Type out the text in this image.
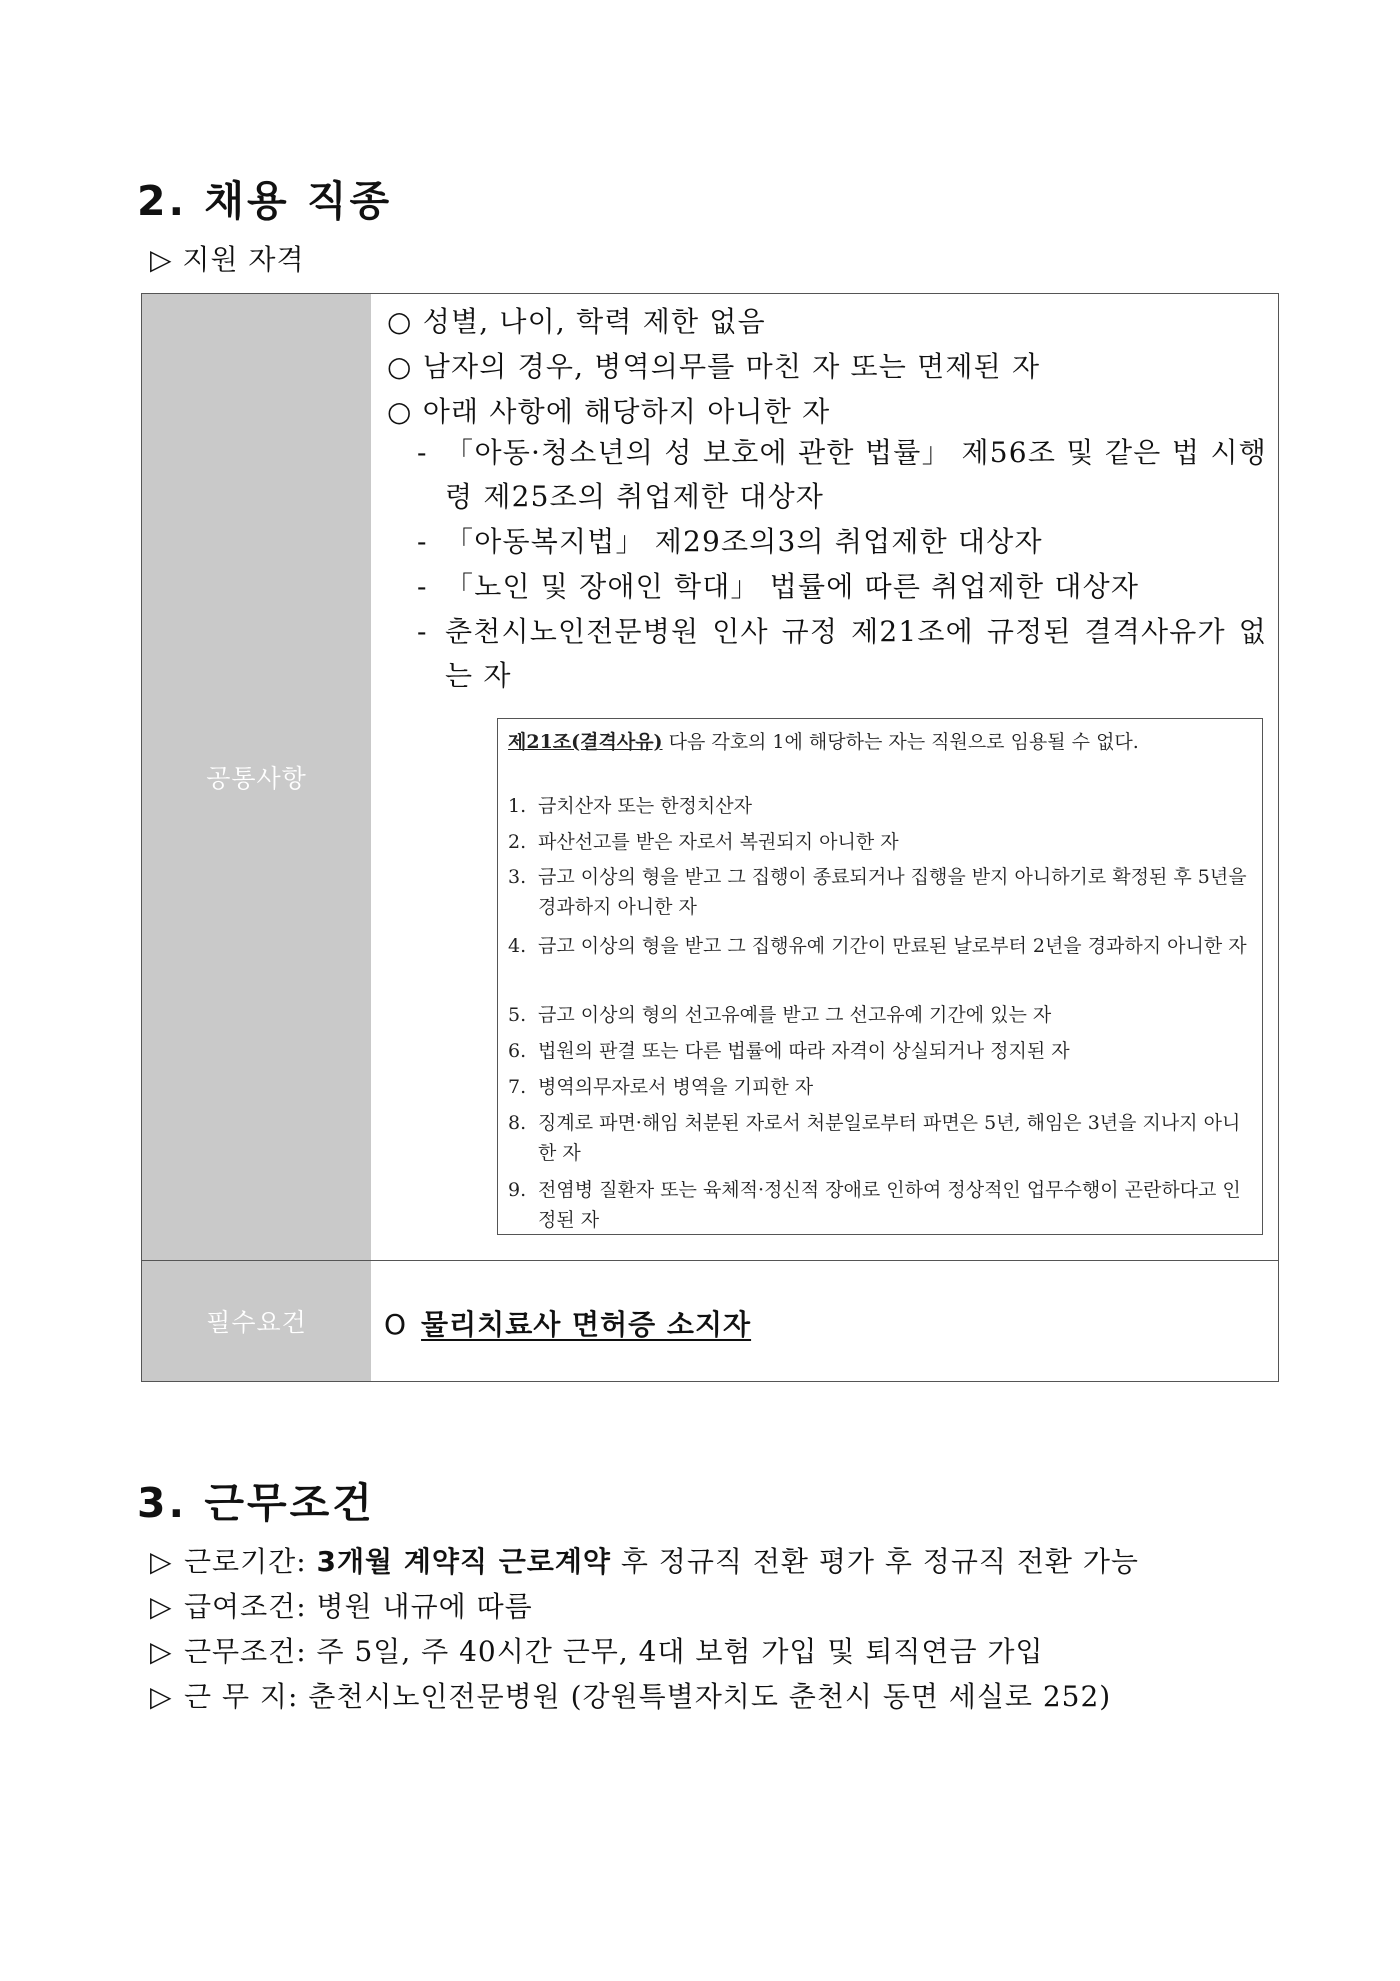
2. 채용 직종
▷ 지원 자격
공통사항

○ 성별, 나이, 학력 제한 없음

○ 남자의 경우, 병역의무를 마친 자 또는 면제된 자

○ 아래 사항에 해당하지 아니한 자

- 「아동·청소년의 성 보호에 관한 법률」 제56조 및 같은 법 시행령 제25조의 취업제한 대상자
- 「아동복지법」 제29조의3의 취업제한 대상자
- 「노인 및 장애인 학대」 법률에 따른 취업제한 대상자
- 춘천시노인전문병원 인사 규정 제21조에 규정된 결격사유가 없는 자
제21조(결격사유) 다음 각호의 1에 해당하는 자는 직원으로 임용될 수 없다.
1. 금치산자 또는 한정치산자
2. 파산선고를 받은 자로서 복권되지 아니한 자
3. 금고 이상의 형을 받고 그 집행이 종료되거나 집행을 받지 아니하기로 확정된 후 5년을 경과하지 아니한 자
4. 금고 이상의 형을 받고 그 집행유예 기간이 만료된 날로부터 2년을 경과하지 아니한 자
5. 금고 이상의 형의 선고유예를 받고 그 선고유예 기간에 있는 자
6. 법원의 판결 또는 다른 법률에 따라 자격이 상실되거나 정지된 자
7. 병역의무자로서 병역을 기피한 자
8. 징계로 파면·해임 처분된 자로서 처분일로부터 파면은 5년, 해임은 3년을 지나지 아니한 자
9. 전염병 질환자 또는 육체적·정신적 장애로 인하여 정상적인 업무수행이 곤란하다고 인정된 자
필수요건	O 물리치료사 면허증 소지자
3. 근무조건
▷ 근로기간: 3개월 계약직 근로계약 후 정규직 전환 평가 후 정규직 전환 가능
▷ 급여조건: 병원 내규에 따름
▷ 근무조건: 주 5일, 주 40시간 근무, 4대 보험 가입 및 퇴직연금 가입
▷ 근 무 지: 춘천시노인전문병원 (강원특별자치도 춘천시 동면 세실로 252)
